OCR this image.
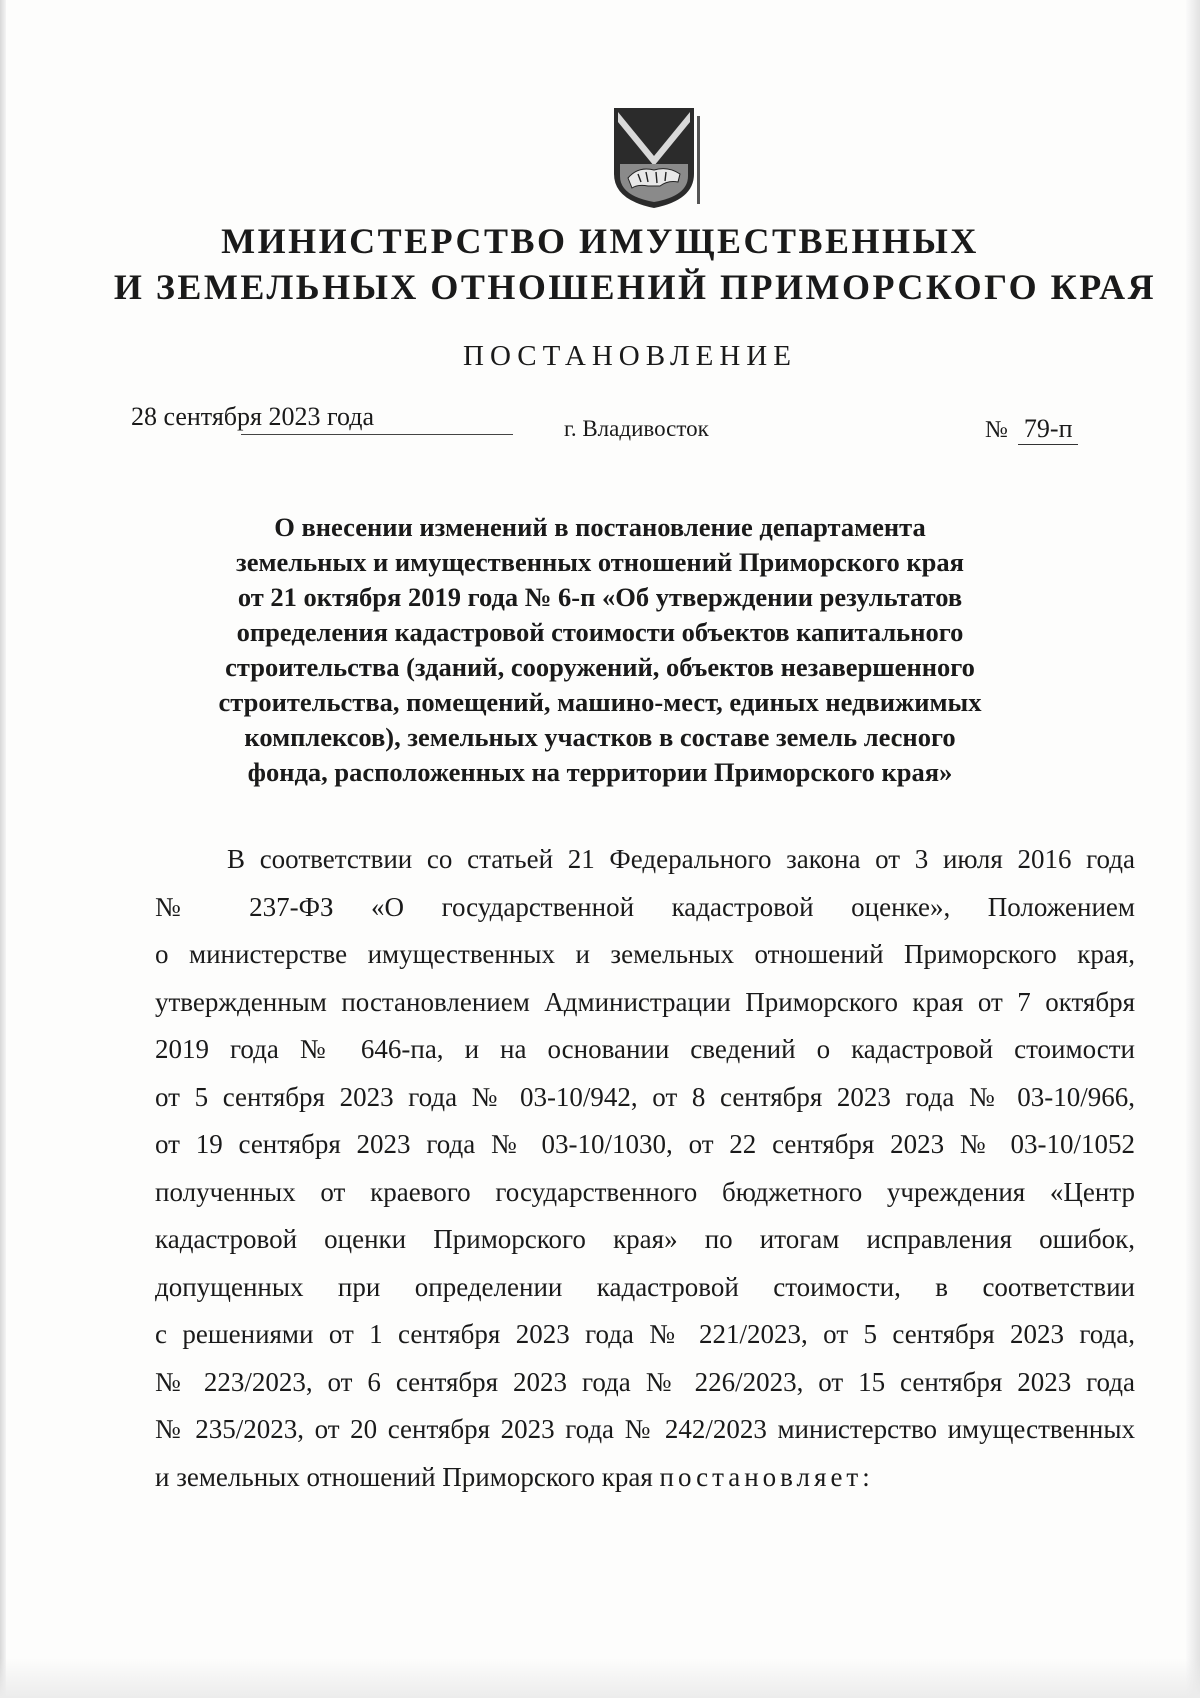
МИНИСТЕРСТВО ИМУЩЕСТВЕННЫХ
И ЗЕМЕЛЬНЫХ ОТНОШЕНИЙ ПРИМОРСКОГО КРАЯ
ПОСТАНОВЛЕНИЕ
28 сентября 2023 года	г. Владивосток	№ 79-п
О внесении изменений в постановление департамента
земельных и имущественных отношений Приморского края
от 21 октября 2019 года № 6-п «Об утверждении результатов
определения кадастровой стоимости объектов капитального
строительства (зданий, сооружений, объектов незавершенного
строительства, помещений, машино-мест, единых недвижимых
комплексов), земельных участков в составе земель лесного
фонда, расположенных на территории Приморского края»
В соответствии со статьей 21 Федерального закона от 3 июля 2016 года
№ 237-ФЗ «О государственной кадастровой оценке», Положением
о министерстве имущественных и земельных отношений Приморского края,
утвержденным постановлением Администрации Приморского края от 7 октября
2019 года № 646-па, и на основании сведений о кадастровой стоимости
от 5 сентября 2023 года № 03-10/942, от 8 сентября 2023 года № 03-10/966,
от 19 сентября 2023 года № 03-10/1030, от 22 сентября 2023 № 03-10/1052
полученных от краевого государственного бюджетного учреждения «Центр
кадастровой оценки Приморского края» по итогам исправления ошибок,
допущенных при определении кадастровой стоимости, в соответствии
с решениями от 1 сентября 2023 года № 221/2023, от 5 сентября 2023 года,
№ 223/2023, от 6 сентября 2023 года № 226/2023, от 15 сентября 2023 года
№ 235/2023, от 20 сентября 2023 года № 242/2023 министерство имущественных
и земельных отношений Приморского края постановляет:
